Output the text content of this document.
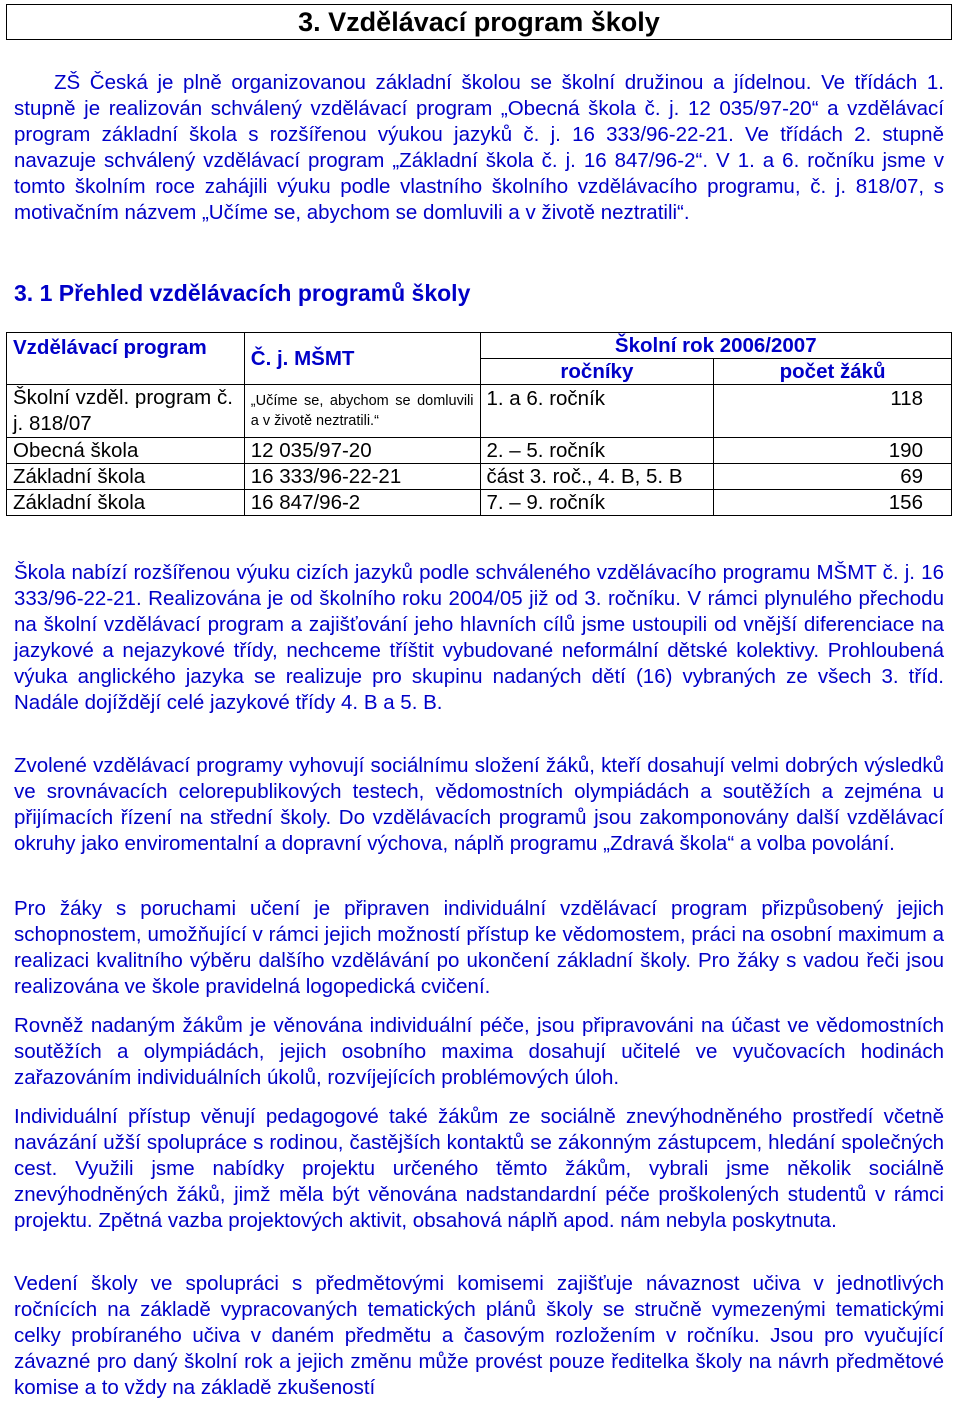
3. Vzdělávací program školy
ZŠ Česká je plně organizovanou základní školou se školní družinou a jídelnou. Ve třídách 1. stupně je realizován schválený vzdělávací program „Obecná škola č. j. 12 035/97-20“ a vzdělávací program základní škola s rozšířenou výukou jazyků č. j. 16 333/96-22-21. Ve třídách 2. stupně navazuje schválený vzdělávací program „Základní škola č. j. 16 847/96-2“. V 1. a 6. ročníku jsme v tomto školním roce zahájili výuku podle vlastního školního vzdělávacího programu, č. j. 818/07, s motivačním názvem „Učíme se, abychom se domluvili a v životě neztratili“.
3. 1 Přehled vzdělávacích programů školy
Vzdělávací program	Č. j. MŠMT	Školní rok 2006/2007	
		ročníky	počet žáků
Školní vzděl. program č. j. 818/07	„Učíme se, abychom se domluvili a v životě neztratili.“	1. a 6. ročník	118
Obecná škola	12 035/97-20	2. – 5. ročník	190
Základní škola	16 333/96-22-21	část 3. roč., 4. B, 5. B	69
Základní škola	16 847/96-2	7. – 9. ročník	156
Škola nabízí rozšířenou výuku cizích jazyků podle schváleného vzdělávacího programu MŠMT č. j. 16 333/96-22-21. Realizována je od školního roku 2004/05 již od 3. ročníku. V rámci plynulého přechodu na školní vzdělávací program a zajišťování jeho hlavních cílů jsme ustoupili od vnější diferenciace na jazykové a nejazykové třídy, nechceme tříštit vybudované neformální dětské kolektivy. Prohloubená výuka anglického jazyka se realizuje pro skupinu nadaných dětí (16) vybraných ze všech 3. tříd. Nadále dojíždějí celé jazykové třídy 4. B a 5. B.
Zvolené vzdělávací programy vyhovují sociálnímu složení žáků, kteří dosahují velmi dobrých výsledků ve srovnávacích celorepublikových testech, vědomostních olympiádách a soutěžích a zejména u přijímacích řízení na střední školy. Do vzdělávacích programů jsou zakomponovány další vzdělávací okruhy jako enviromentalní a dopravní výchova, náplň programu „Zdravá škola“ a volba povolání.
Pro žáky s poruchami učení je připraven individuální vzdělávací program přizpůsobený jejich schopnostem, umožňující v rámci jejich možností přístup ke vědomostem, práci na osobní maximum a realizaci kvalitního výběru dalšího vzdělávání po ukončení základní školy. Pro žáky s vadou řeči jsou realizována ve škole pravidelná logopedická cvičení.
Rovněž nadaným žákům je věnována individuální péče, jsou připravováni na účast ve vědomostních soutěžích a olympiádách, jejich osobního maxima dosahují učitelé ve vyučovacích hodinách zařazováním individuálních úkolů, rozvíjejících problémových úloh.
Individuální přístup věnují pedagogové také žákům ze sociálně znevýhodněného prostředí včetně navázání užší spolupráce s rodinou, častějších kontaktů se zákonným zástupcem, hledání společných cest. Využili jsme nabídky projektu určeného těmto žákům, vybrali jsme několik sociálně znevýhodněných žáků, jimž měla být věnována nadstandardní péče proškolených studentů v rámci projektu. Zpětná vazba projektových aktivit, obsahová náplň apod. nám nebyla poskytnuta.
Vedení školy ve spolupráci s předmětovými komisemi zajišťuje návaznost učiva v jednotlivých ročnících na základě vypracovaných tematických plánů školy se stručně vymezenými tematickými celky probíraného učiva v daném předmětu a časovým rozložením v ročníku. Jsou pro vyučující závazné pro daný školní rok a jejich změnu může provést pouze ředitelka školy na návrh předmětové komise a to vždy na základě zkušeností
